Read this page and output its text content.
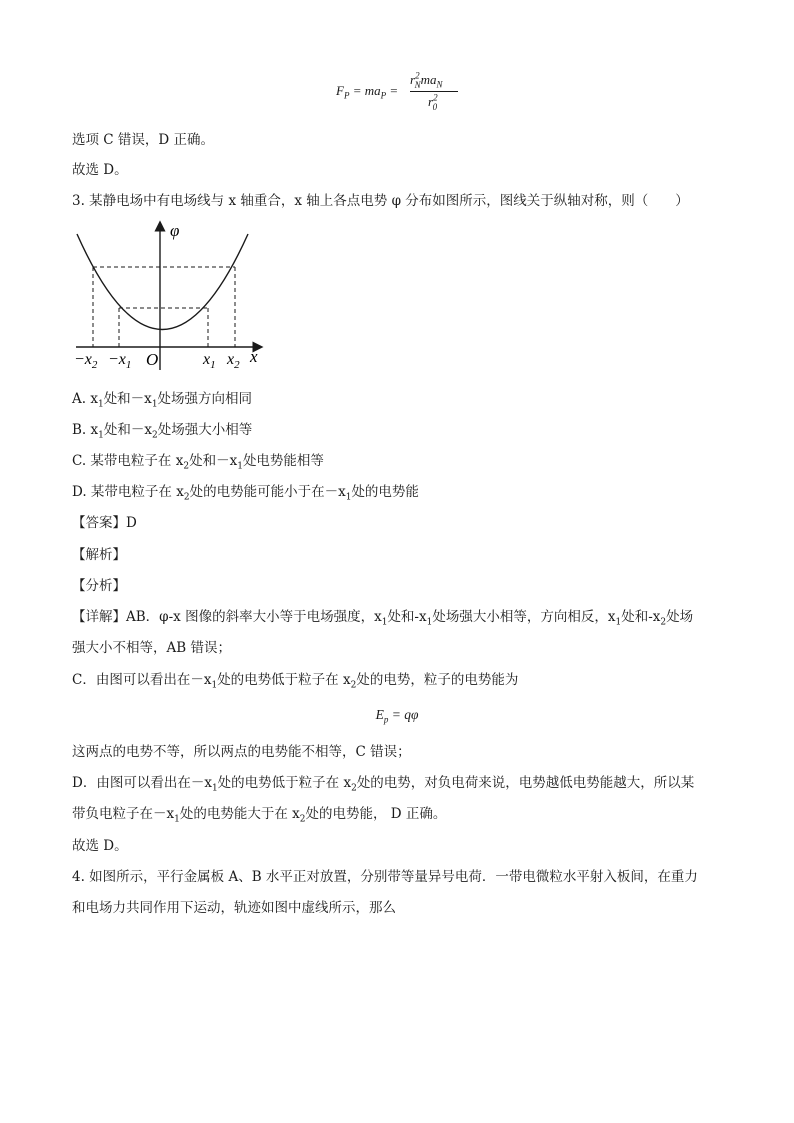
$F_P = ma_P$ =
$r^2_Nma_N$
$r^2_0$
选项 C 错误，D 正确。
故选 D。
3. 某静电场中有电场线与 x 轴重合，x 轴上各点电势 φ 分布如图所示，图线关于纵轴对称，则（　　）
φ
x
O
$-x_2 -x_1$	$x_1$ $x_2$
A. $x_1$处和$-x_1$处场强方向相同
B. $x_1$处和$-x_2$处场强大小相等
C. 某带电粒子在 $x_2$处和$-x_1$处电势能相等
D. 某带电粒子在 $x_2$处的电势能可能小于在$-x_1$处的电势能
【答案】D
【解析】
【分析】
【详解】AB．φ-x 图像的斜率大小等于电场强度，$x_1$处和$-x_1$处场强大小相等，方向相反，$x_1$处和$-x_2$处场
强大小不相等，AB 错误；
C．由图可以看出在$-x_1$处的电势低于粒子在 $x_2$处的电势，粒子的电势能为
$E_p = q\varphi$
这两点的电势不等，所以两点的电势能不相等，C 错误；
D．由图可以看出在$-x_1$处的电势低于粒子在 $x_2$处的电势，对负电荷来说，电势越低电势能越大，所以某
带负电粒子在$-x_1$处的电势能大于在 $x_2$处的电势能， D 正确。
故选 D。
4. 如图所示，平行金属板 A、B 水平正对放置，分别带等量异号电荷．一带电微粒水平射入板间，在重力
和电场力共同作用下运动，轨迹如图中虚线所示，那么
